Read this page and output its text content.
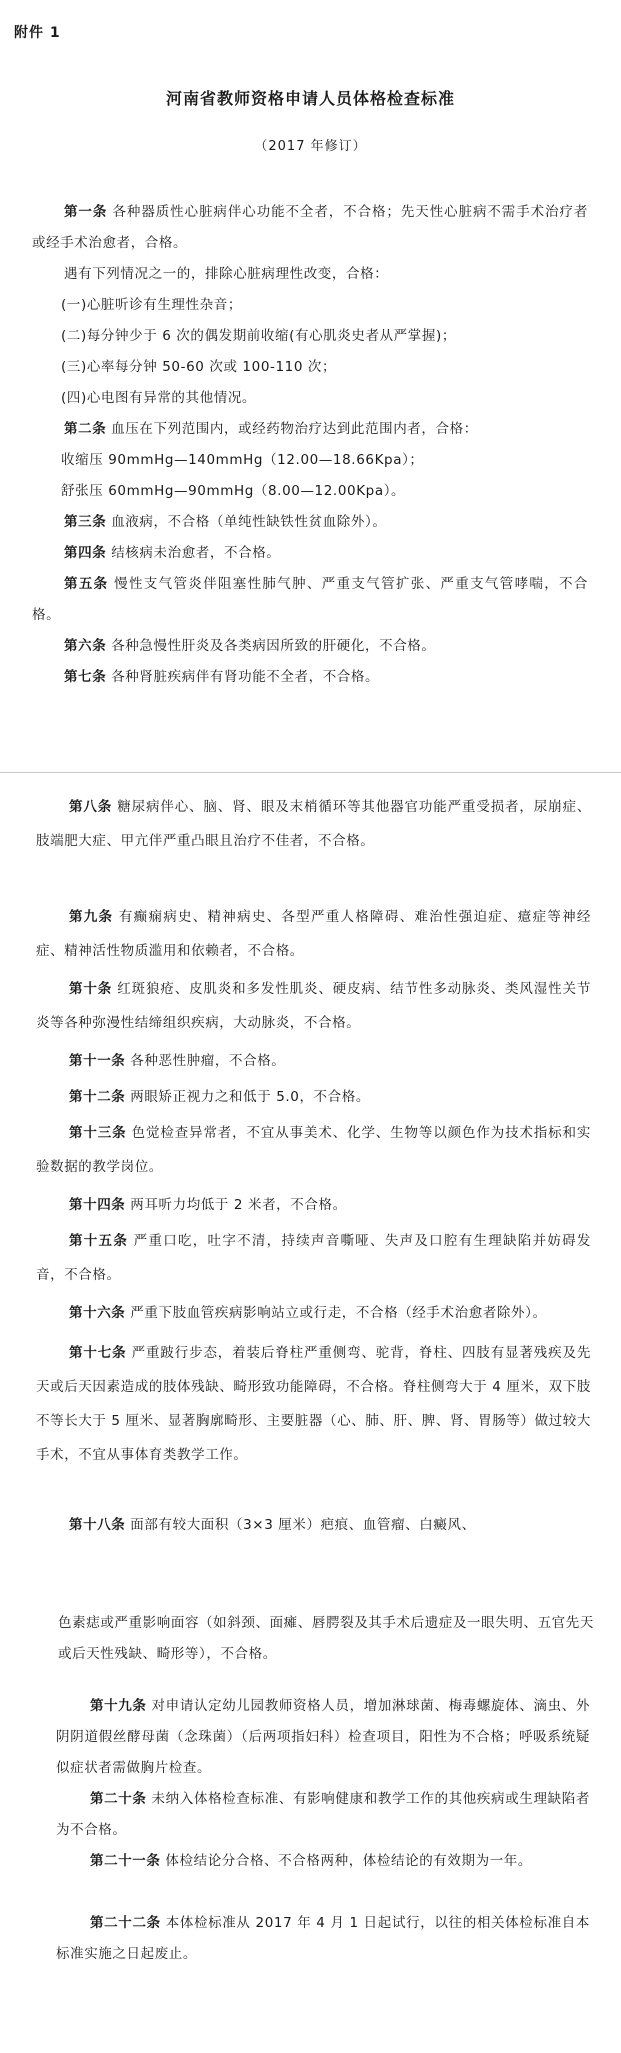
附件 1
河南省教师资格申请人员体格检查标准
（2017 年修订）

第一条 各种器质性心脏病伴心功能不全者，不合格；先天性心脏病不需手术治疗者或经手术治愈者，合格。

遇有下列情况之一的，排除心脏病理性改变，合格：

(一)心脏听诊有生理性杂音；

(二)每分钟少于 6 次的偶发期前收缩(有心肌炎史者从严掌握)；

(三)心率每分钟 50-60 次或 100-110 次；

(四)心电图有异常的其他情况。

第二条 血压在下列范围内，或经药物治疗达到此范围内者，合格：

收缩压 90mmHg—140mmHg（12.00—18.66Kpa）；

舒张压 60mmHg—90mmHg（8.00—12.00Kpa）。

第三条 血液病，不合格（单纯性缺铁性贫血除外）。

第四条 结核病未治愈者，不合格。

第五条 慢性支气管炎伴阻塞性肺气肿、严重支气管扩张、严重支气管哮喘，不合格。

第六条 各种急慢性肝炎及各类病因所致的肝硬化，不合格。

第七条 各种肾脏疾病伴有肾功能不全者，不合格。

第八条 糖尿病伴心、脑、肾、眼及末梢循环等其他器官功能严重受损者，尿崩症、肢端肥大症、甲亢伴严重凸眼且治疗不佳者，不合格。

第九条 有癫痫病史、精神病史、各型严重人格障碍、难治性强迫症、癔症等神经症、精神活性物质滥用和依赖者，不合格。

第十条 红斑狼疮、皮肌炎和多发性肌炎、硬皮病、结节性多动脉炎、类风湿性关节炎等各种弥漫性结缔组织疾病，大动脉炎，不合格。

第十一条 各种恶性肿瘤，不合格。

第十二条 两眼矫正视力之和低于 5.0，不合格。

第十三条 色觉检查异常者，不宜从事美术、化学、生物等以颜色作为技术指标和实验数据的教学岗位。

第十四条 两耳听力均低于 2 米者，不合格。

第十五条 严重口吃，吐字不清，持续声音嘶哑、失声及口腔有生理缺陷并妨碍发音，不合格。

第十六条 严重下肢血管疾病影响站立或行走，不合格（经手术治愈者除外）。

第十七条 严重跛行步态，着装后脊柱严重侧弯、驼背，脊柱、四肢有显著残疾及先天或后天因素造成的肢体残缺、畸形致功能障碍，不合格。脊柱侧弯大于 4 厘米，双下肢不等长大于 5 厘米、显著胸廓畸形、主要脏器（心、肺、肝、脾、肾、胃肠等）做过较大手术，不宜从事体育类教学工作。

第十八条 面部有较大面积（3×3 厘米）疤痕、血管瘤、白癜风、

色素痣或严重影响面容（如斜颈、面瘫、唇腭裂及其手术后遗症及一眼失明、五官先天或后天性残缺、畸形等），不合格。

第十九条 对申请认定幼儿园教师资格人员，增加淋球菌、梅毒螺旋体、滴虫、外阴阴道假丝酵母菌（念珠菌）（后两项指妇科）检查项目，阳性为不合格；呼吸系统疑似症状者需做胸片检查。

第二十条 未纳入体格检查标准、有影响健康和教学工作的其他疾病或生理缺陷者为不合格。

第二十一条 体检结论分合格、不合格两种，体检结论的有效期为一年。

第二十二条 本体检标准从 2017 年 4 月 1 日起试行，以往的相关体检标准自本标准实施之日起废止。
